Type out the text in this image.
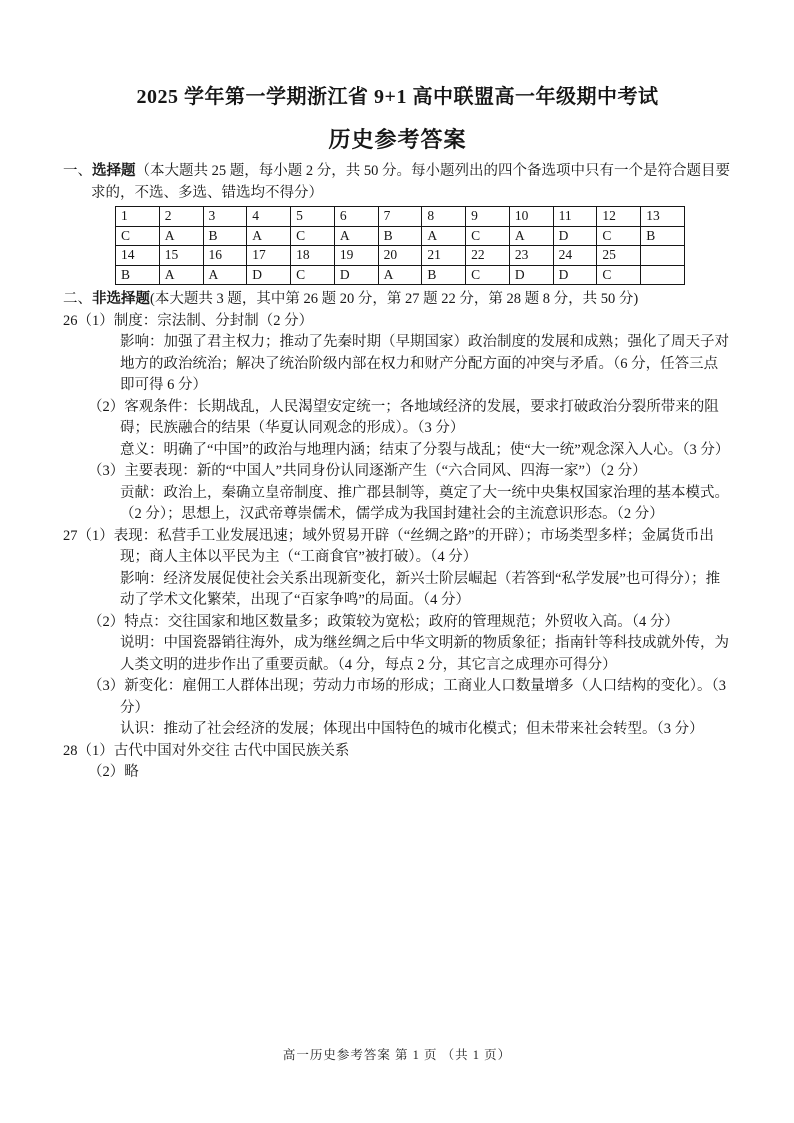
2025 学年第一学期浙江省 9+1 高中联盟高一年级期中考试
历史参考答案

一、选择题（本大题共 25 题，每小题 2 分，共 50 分。每小题列出的四个备选项中只有一个是符合题目要求的，不选、多选、错选均不得分）

1	2	3	4	5	6	7	8	9	10	11	12	13
C	A	B	A	C	A	B	A	C	A	D	C	B
14	15	16	17	18	19	20	21	22	23	24	25	
B	A	A	D	C	D	A	B	C	D	D	C	

二、非选择题(本大题共 3 题，其中第 26 题 20 分，第 27 题 22 分，第 28 题 8 分，共 50 分)

26（1）制度：宗法制、分封制（2 分）

影响：加强了君主权力；推动了先秦时期（早期国家）政治制度的发展和成熟；强化了周天子对地方的政治统治；解决了统治阶级内部在权力和财产分配方面的冲突与矛盾。（6 分，任答三点即可得 6 分）

（2）客观条件：长期战乱，人民渴望安定统一；各地域经济的发展，要求打破政治分裂所带来的阻碍；民族融合的结果（华夏认同观念的形成）。（3 分）

意义：明确了“中国”的政治与地理内涵；结束了分裂与战乱；使“大一统”观念深入人心。（3 分）

（3）主要表现：新的“中国人”共同身份认同逐渐产生（“六合同风、四海一家”）（2 分）

贡献：政治上，秦确立皇帝制度、推广郡县制等，奠定了大一统中央集权国家治理的基本模式。（2 分）；思想上，汉武帝尊崇儒术，儒学成为我国封建社会的主流意识形态。（2 分）

27（1）表现：私营手工业发展迅速；域外贸易开辟（“丝绸之路”的开辟）；市场类型多样；金属货币出现；商人主体以平民为主（“工商食官”被打破）。（4 分）

影响：经济发展促使社会关系出现新变化，新兴士阶层崛起（若答到“私学发展”也可得分）；推动了学术文化繁荣，出现了“百家争鸣”的局面。（4 分）

（2）特点：交往国家和地区数量多；政策较为宽松；政府的管理规范；外贸收入高。（4 分）

说明：中国瓷器销往海外，成为继丝绸之后中华文明新的物质象征；指南针等科技成就外传，为人类文明的进步作出了重要贡献。（4 分，每点 2 分，其它言之成理亦可得分）

（3）新变化：雇佣工人群体出现；劳动力市场的形成；工商业人口数量增多（人口结构的变化）。（3 分）

认识：推动了社会经济的发展；体现出中国特色的城市化模式；但未带来社会转型。（3 分）

28（1）古代中国对外交往 古代中国民族关系

（2）略

高一历史参考答案 第 1 页 （共 1 页）
